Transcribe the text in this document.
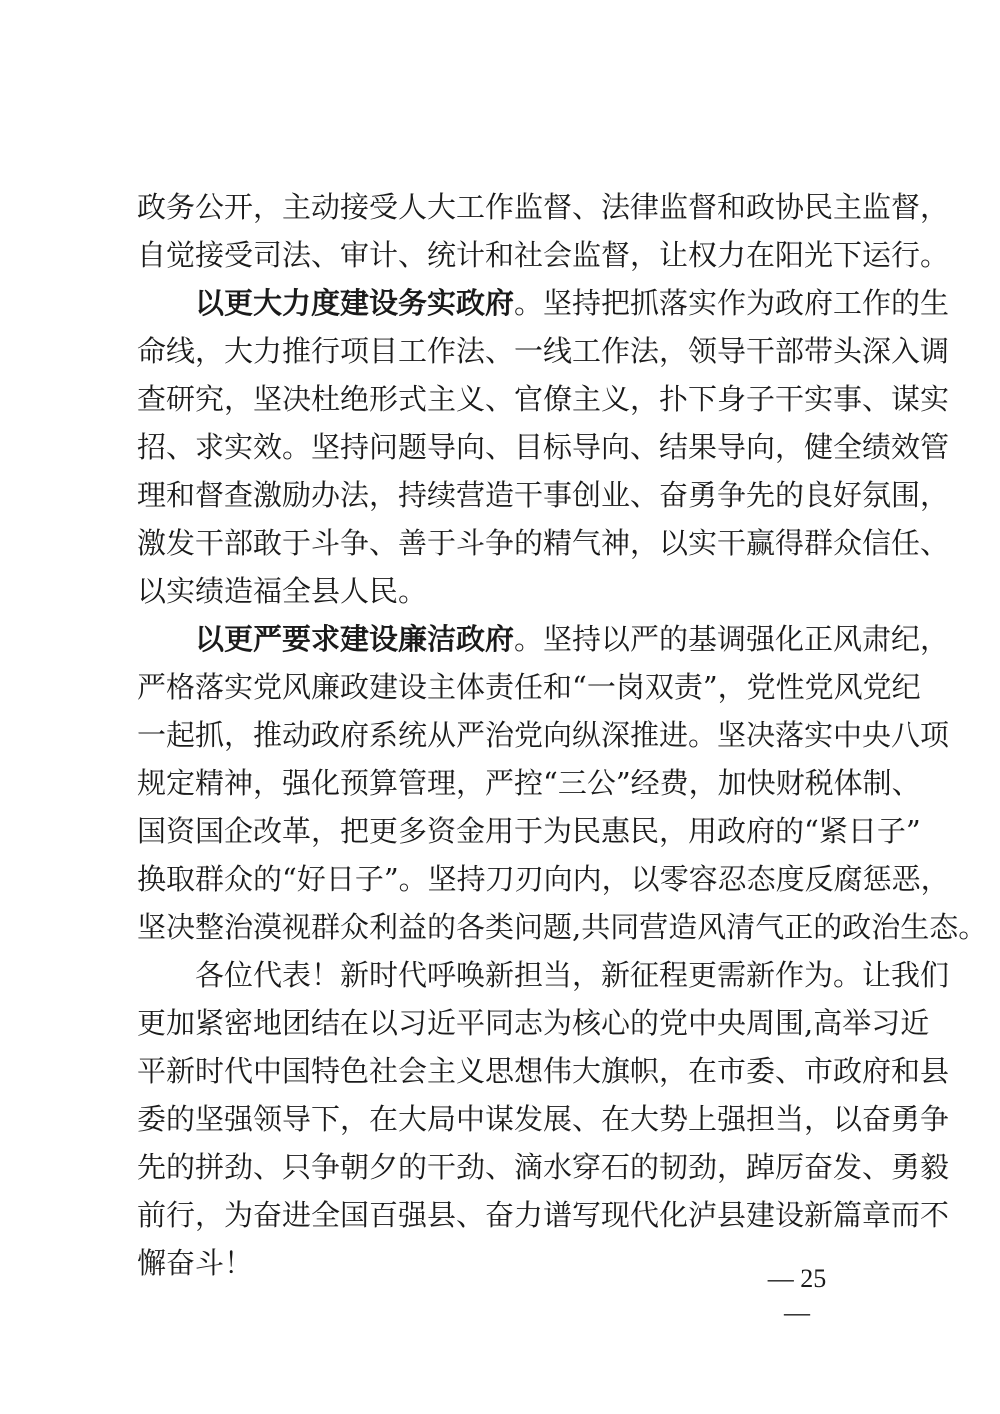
政务公开，主动接受人大工作监督、法律监督和政协民主监督，
自觉接受司法、审计、统计和社会监督，让权力在阳光下运行。
以更大力度建设务实政府。坚持把抓落实作为政府工作的生
命线，大力推行项目工作法、一线工作法，领导干部带头深入调
查研究，坚决杜绝形式主义、官僚主义，扑下身子干实事、谋实
招、求实效。坚持问题导向、目标导向、结果导向，健全绩效管
理和督查激励办法，持续营造干事创业、奋勇争先的良好氛围，
激发干部敢于斗争、善于斗争的精气神，以实干赢得群众信任、
以实绩造福全县人民。
以更严要求建设廉洁政府。坚持以严的基调强化正风肃纪，
严格落实党风廉政建设主体责任和“一岗双责”，党性党风党纪
一起抓，推动政府系统从严治党向纵深推进。坚决落实中央八项
规定精神，强化预算管理，严控“三公”经费，加快财税体制、
国资国企改革，把更多资金用于为民惠民，用政府的“紧日子”
换取群众的“好日子”。坚持刀刃向内，以零容忍态度反腐惩恶，
坚决整治漠视群众利益的各类问题,共同营造风清气正的政治生态。
各位代表！新时代呼唤新担当，新征程更需新作为。让我们
更加紧密地团结在以习近平同志为核心的党中央周围,高举习近
平新时代中国特色社会主义思想伟大旗帜，在市委、市政府和县
委的坚强领导下，在大局中谋发展、在大势上强担当，以奋勇争
先的拼劲、只争朝夕的干劲、滴水穿石的韧劲，踔厉奋发、勇毅
前行，为奋进全国百强县、奋力谱写现代化泸县建设新篇章而不
懈奋斗！	— 25 —
